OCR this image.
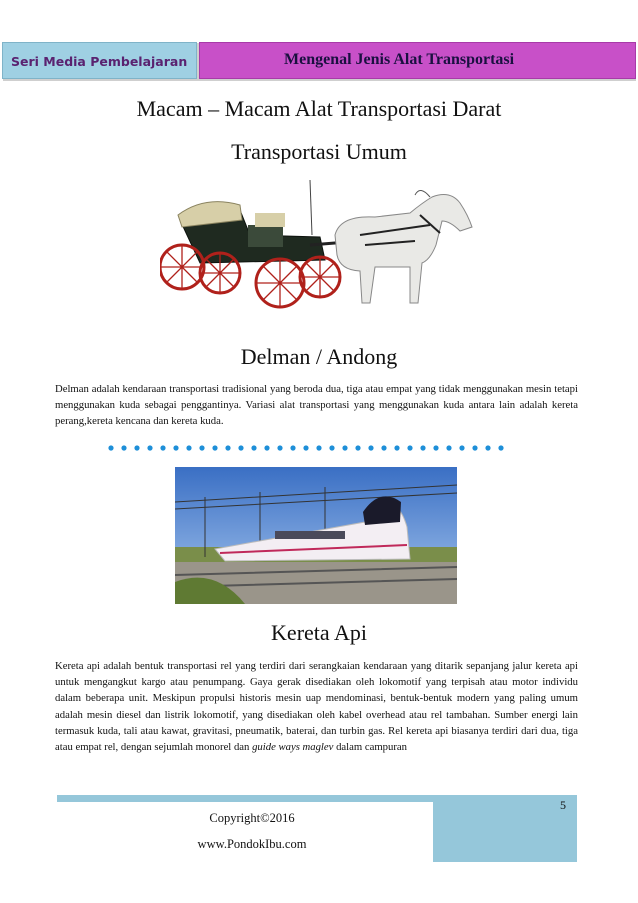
Seri Media Pembelajaran	Mengenal Jenis Alat Transportasi
Macam – Macam Alat Transportasi Darat
Transportasi Umum
Delman / Andong

Delman adalah kendaraan transportasi tradisional yang beroda dua, tiga atau empat yang tidak menggunakan mesin tetapi menggunakan kuda sebagai penggantinya. Variasi alat transportasi yang menggunakan kuda antara lain adalah kereta perang,kereta kencana dan kereta kuda.

Kereta Api

Kereta api adalah bentuk transportasi rel yang terdiri dari serangkaian kendaraan yang ditarik sepanjang jalur kereta api untuk mengangkut kargo atau penumpang. Gaya gerak disediakan oleh lokomotif yang terpisah atau motor individu dalam beberapa unit. Meskipun propulsi historis mesin uap mendominasi, bentuk-bentuk modern yang paling umum adalah mesin diesel dan listrik lokomotif, yang disediakan oleh kabel overhead atau rel tambahan. Sumber energi lain termasuk kuda, tali atau kawat, gravitasi, pneumatik, baterai, dan turbin gas. Rel kereta api biasanya terdiri dari dua, tiga atau empat rel, dengan sejumlah monorel dan guide ways maglev dalam campuran

5
Copyright©2016
www.PondokIbu.com
